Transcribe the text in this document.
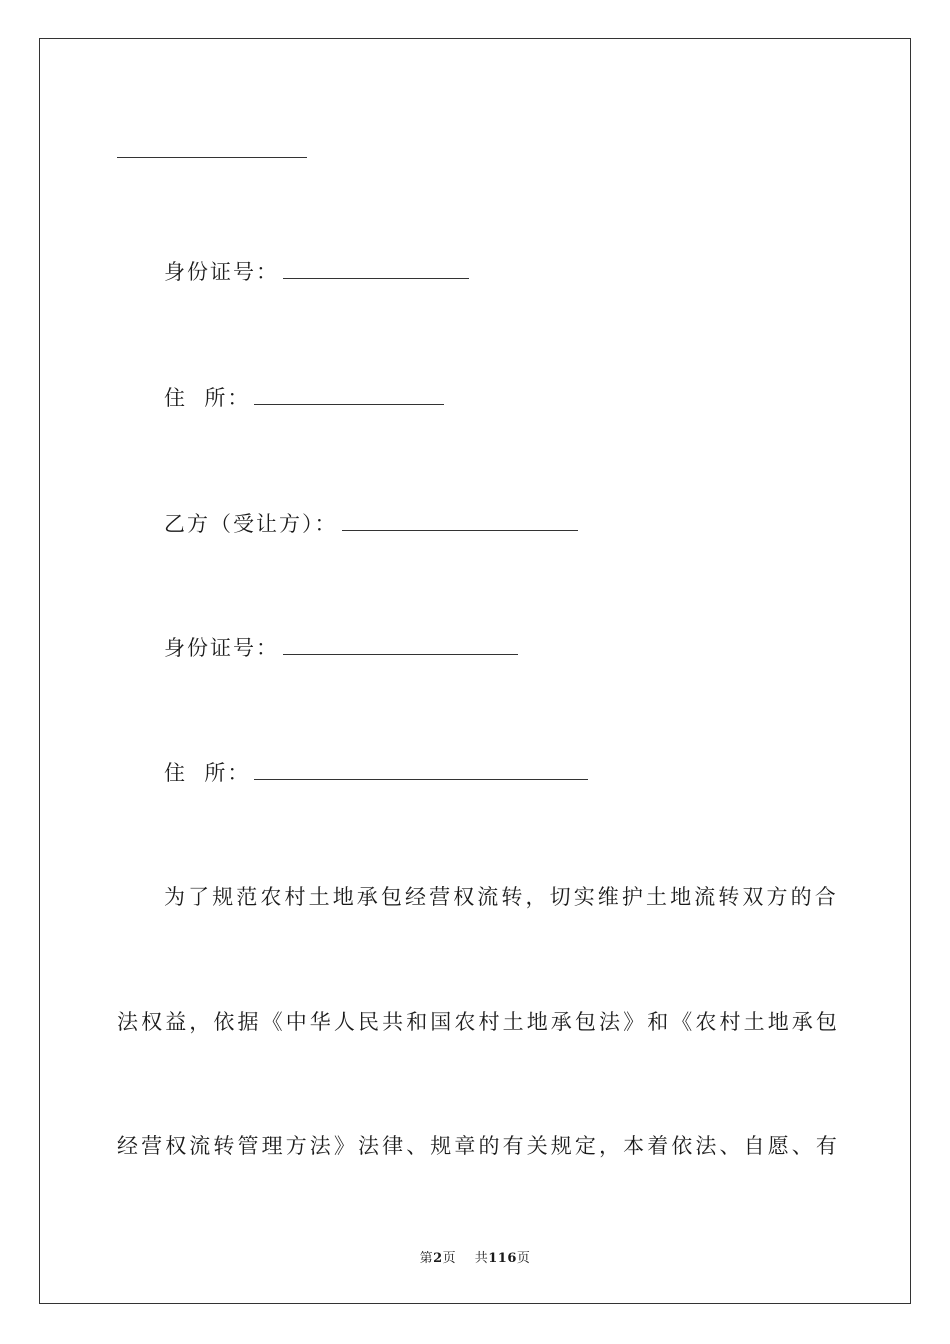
身份证号：
住  所：
乙方（受让方）：
身份证号：
住  所：
为了规范农村土地承包经营权流转，切实维护土地流转双方的合
法权益，依据《中华人民共和国农村土地承包法》和《农村土地承包
经营权流转管理方法》法律、规章的有关规定，本着依法、自愿、有
第2页 共116页
